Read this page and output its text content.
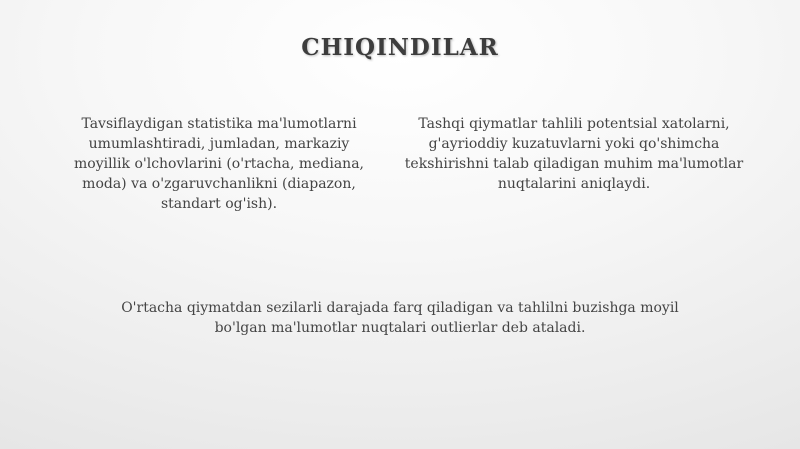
CHIQINDILAR
Tavsiflaydigan statistika ma'lumotlarni umumlashtiradi, jumladan, markaziy moyillik o'lchovlarini (o'rtacha, mediana, moda) va o'zgaruvchanlikni (diapazon, standart og'ish).
Tashqi qiymatlar tahlili potentsial xatolarni, g'ayrioddiy kuzatuvlarni yoki qo'shimcha tekshirishni talab qiladigan muhim ma'lumotlar nuqtalarini aniqlaydi.
O'rtacha qiymatdan sezilarli darajada farq qiladigan va tahlilni buzishga moyil bo'lgan ma'lumotlar nuqtalari outlierlar deb ataladi.
